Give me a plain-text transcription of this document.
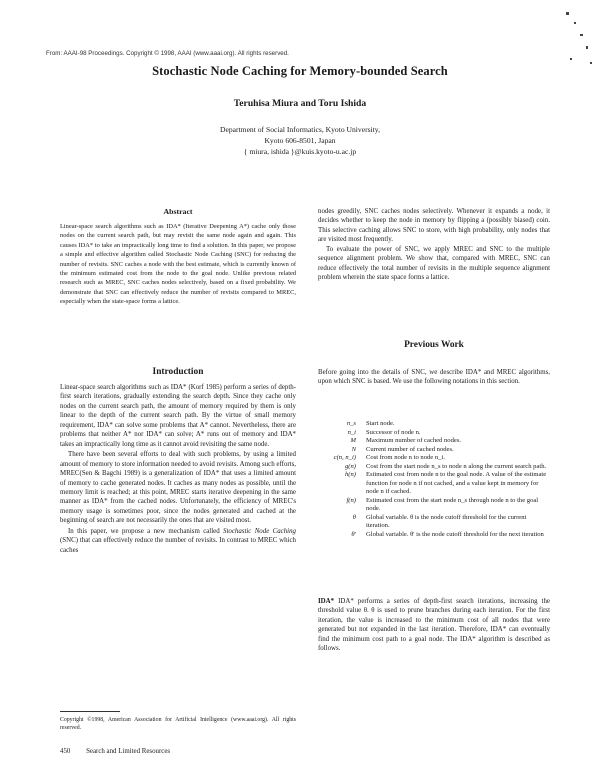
From: AAAI-98 Proceedings. Copyright © 1998, AAAI (www.aaai.org). All rights reserved.
Stochastic Node Caching for Memory-bounded Search
Teruhisa Miura and Toru Ishida
Department of Social Informatics, Kyoto University,
Kyoto 606-8501, Japan
{ miura, ishida }@kuis.kyoto-u.ac.jp
Abstract
Linear-space search algorithms such as IDA* (Iterative Deepening A*) cache only those nodes on the current search path, but may revisit the same node again and again. This causes IDA* to take an impractically long time to find a solution. In this paper, we propose a simple and effective algorithm called Stochastic Node Caching (SNC) for reducing the number of revisits. SNC caches a node with the best estimate, which is currently known of the minimum estimated cost from the node to the goal node. Unlike previous related research such as MREC, SNC caches nodes selectively, based on a fixed probability. We demonstrate that SNC can effectively reduce the number of revisits compared to MREC, especially when the state-space forms a lattice.
Introduction

Linear-space search algorithms such as IDA* (Korf 1985) perform a series of depth-first search iterations, gradually extending the search depth. Since they cache only nodes on the current search path, the amount of memory required by them is only linear to the depth of the current search path. By the virtue of small memory requirement, IDA* can solve some problems that A* cannot. Nevertheless, there are problems that neither A* nor IDA* can solve; A* runs out of memory and IDA* takes an impractically long time as it cannot avoid revisiting the same node.

There have been several efforts to deal with such problems, by using a limited amount of memory to store information needed to avoid revisits. Among such efforts, MREC(Sen & Bagchi 1989) is a generalization of IDA* that uses a limited amount of memory to cache generated nodes. It caches as many nodes as possible, until the memory limit is reached; at this point, MREC starts iterative deepening in the same manner as IDA* from the cached nodes. Unfortunately, the efficiency of MREC's memory usage is sometimes poor, since the nodes generated and cached at the beginning of search are not necessarily the ones that are visited most.

In this paper, we propose a new mechanism called Stochastic Node Caching (SNC) that can effectively reduce the number of revisits. In contrast to MREC which caches

Copyright ©1998, American Association for Artificial Intelligence (www.aaai.org). All rights reserved.
450 Search and Limited Resources

nodes greedily, SNC caches nodes selectively. Whenever it expands a node, it decides whether to keep the node in memory by flipping a (possibly biased) coin. This selective caching allows SNC to store, with high probability, only nodes that are visited most frequently.

To evaluate the power of SNC, we apply MREC and SNC to the multiple sequence alignment problem. We show that, compared with MREC, SNC can reduce effectively the total number of revisits in the multiple sequence alignment problem wherein the state space forms a lattice.

Previous Work
Before going into the details of SNC, we describe IDA* and MREC algorithms, upon which SNC is based. We use the following notations in this section.
n_s	Start node.
n_i	Successor of node n.
M	Maximum number of cached nodes.
N	Current number of cached nodes.
c(n, n_i)	Cost from node n to node n_i.
g(n)	Cost from the start node n_s to node n along the current search path.
h(n)	Estimated cost from node n to the goal node. A value of the estimate function for node n if not cached, and a value kept in memory for node n if cached.
f(n)	Estimated cost from the start node n_s through node n to the goal node.
θ	Global variable. θ is the node cutoff threshold for the current iteration.
θ'	Global variable. θ' is the node cutoff threshold for the next iteration
IDA* IDA* performs a series of depth-first search iterations, increasing the threshold value θ. θ is used to prune branches during each iteration. For the first iteration, the value is increased to the minimum cost of all nodes that were generated but not expanded in the last iteration. Therefore, IDA* can eventually find the minimum cost path to a goal node. The IDA* algorithm is described as follows.
